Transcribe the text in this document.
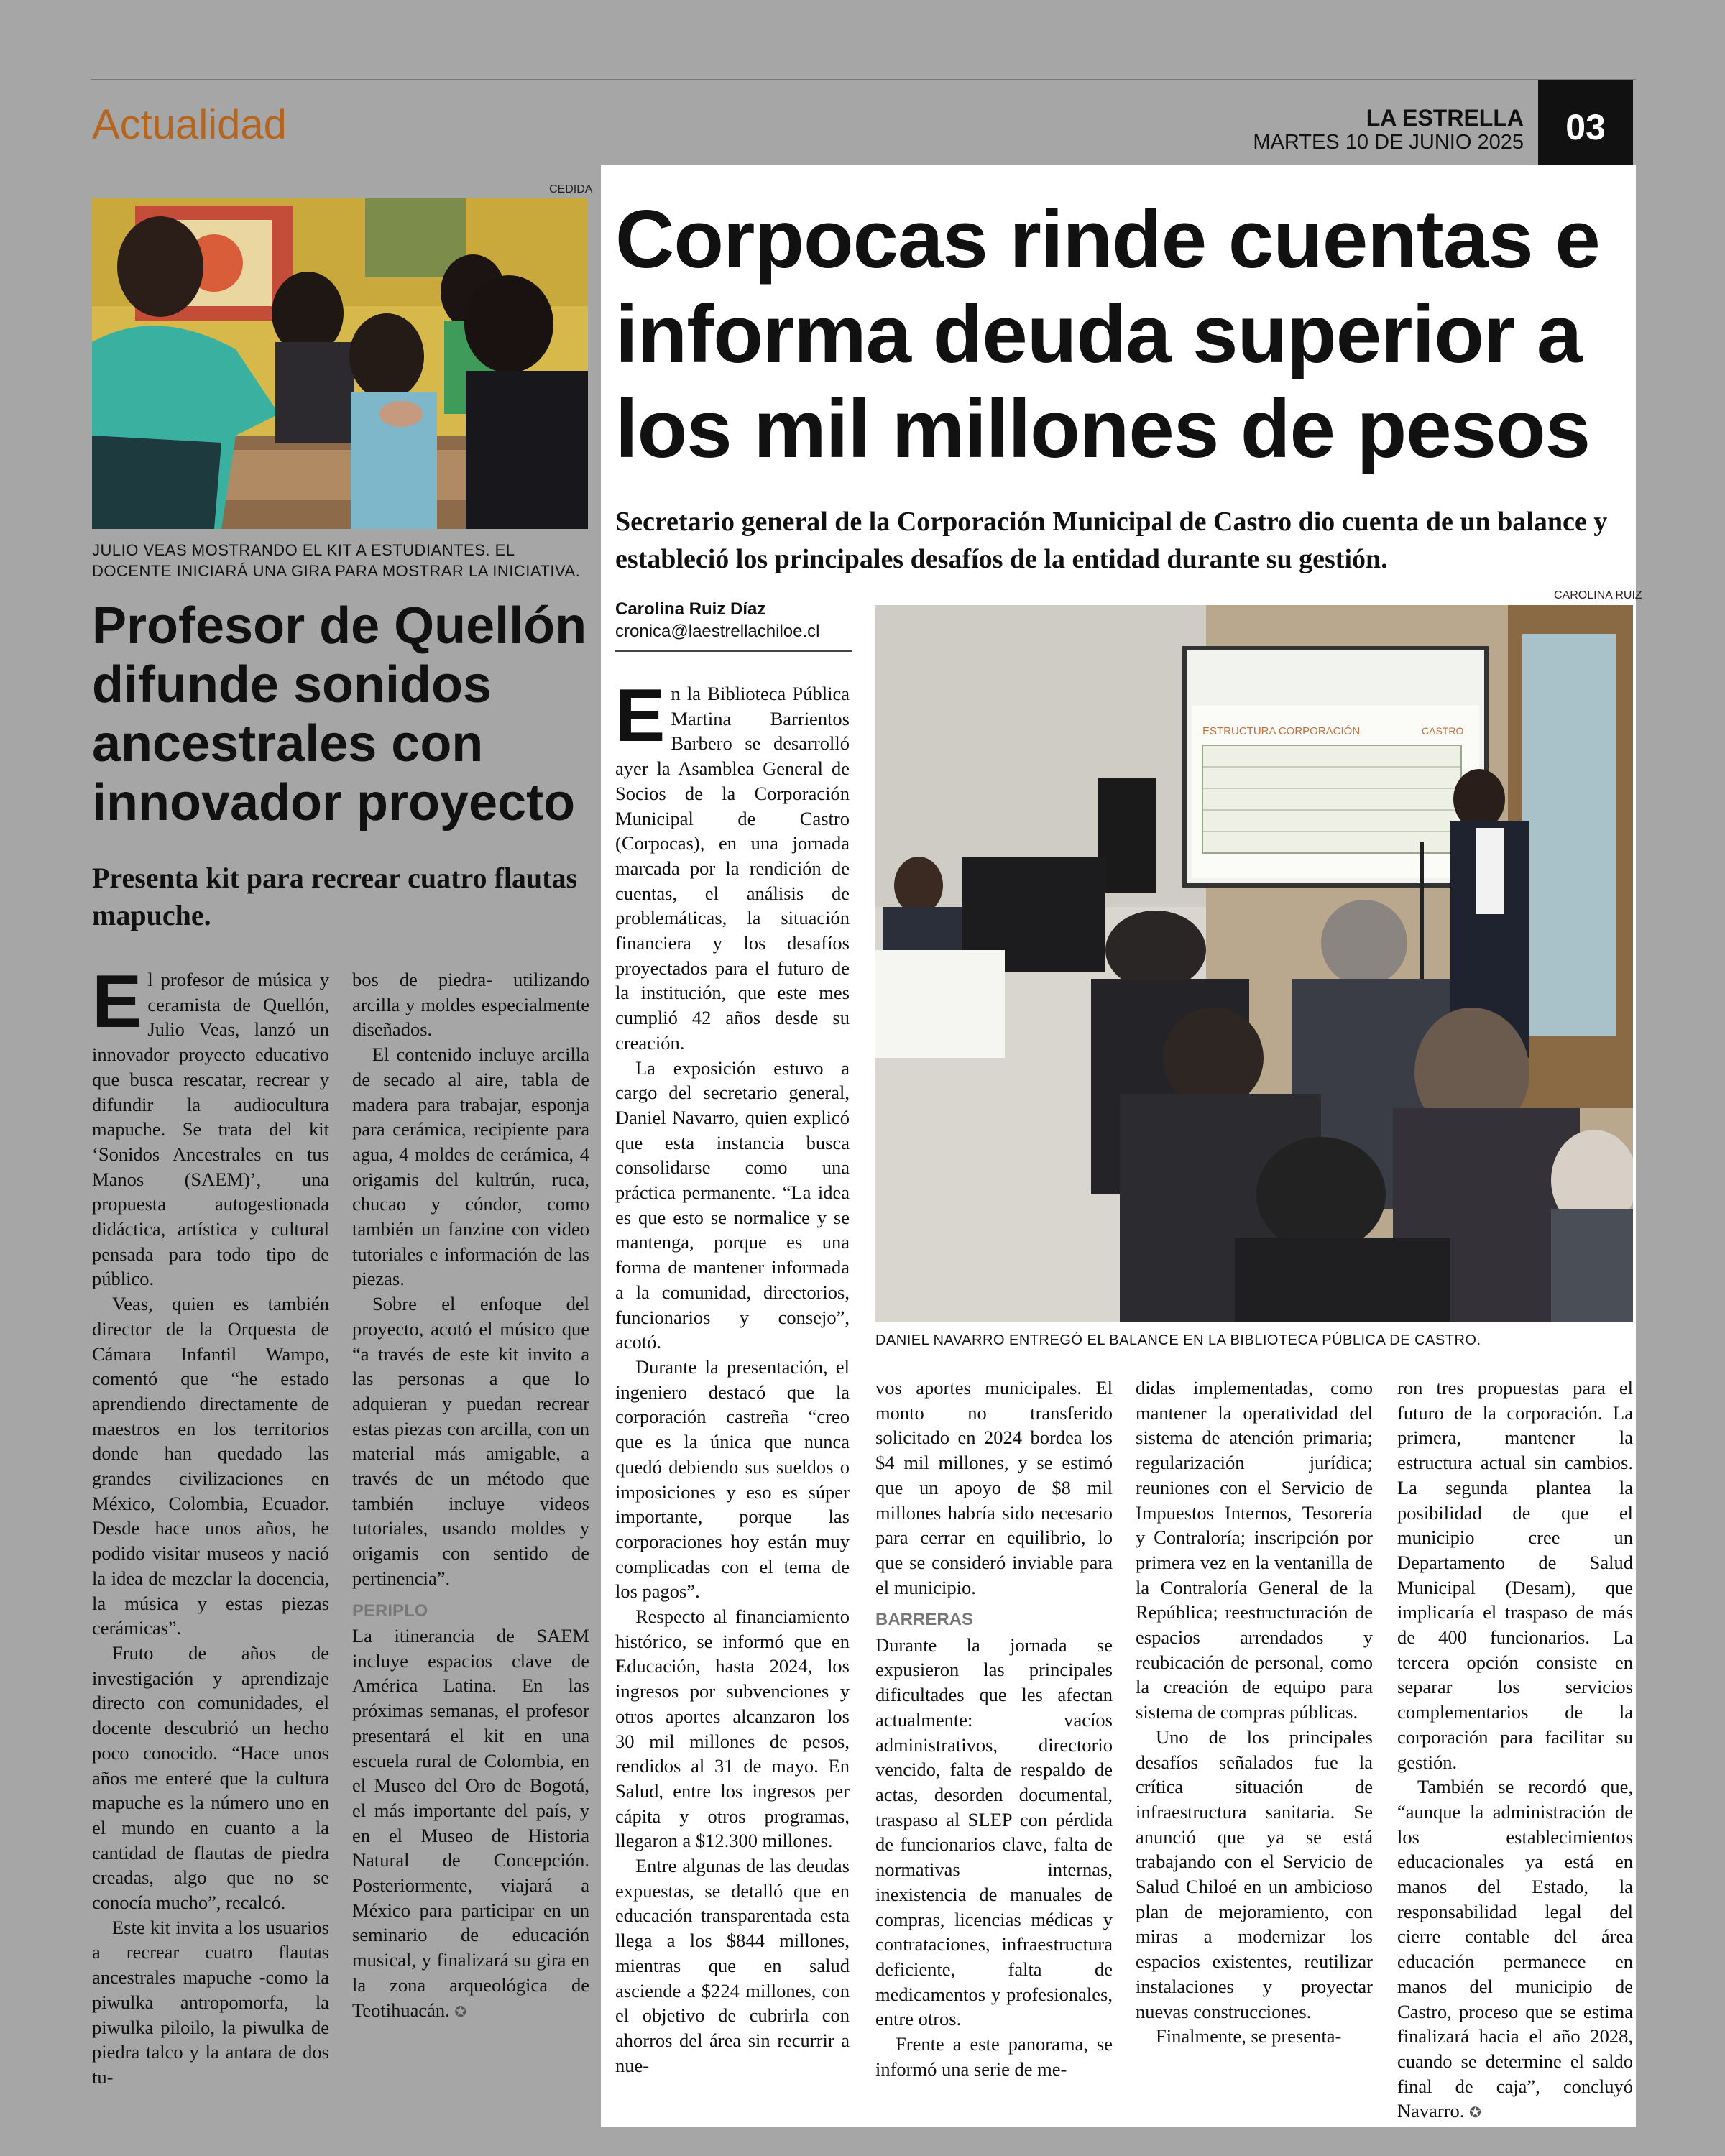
Actualidad	LA ESTRELLA
MARTES 10 DE JUNIO 2025	03
CEDIDA
JULIO VEAS MOSTRANDO EL KIT A ESTUDIANTES. EL DOCENTE INICIARÁ UNA GIRA PARA MOSTRAR LA INICIATIVA.
Profesor de Quellón difunde sonidos ancestrales con innovador proyecto
Presenta kit para recrear cuatro flautas mapuche.

El profesor de música y ceramista de Quellón, Julio Veas, lanzó un innovador proyecto educativo que busca rescatar, recrear y difundir la audiocultura mapuche. Se trata del kit ‘Sonidos Ancestrales en tus Manos (SAEM)’, una propuesta autogestionada didáctica, artística y cultural pensada para todo tipo de público.

Veas, quien es también director de la Orquesta de Cámara Infantil Wampo, comentó que “he estado aprendiendo directamente de maestros en los territorios donde han quedado las grandes civilizaciones en México, Colombia, Ecuador. Desde hace unos años, he podido visitar museos y nació la idea de mezclar la docencia, la música y estas piezas cerámicas”.

Fruto de años de investigación y aprendizaje directo con comunidades, el docente descubrió un hecho poco conocido. “Hace unos años me enteré que la cultura mapuche es la número uno en el mundo en cuanto a la cantidad de flautas de piedra creadas, algo que no se conocía mucho”, recalcó.

Este kit invita a los usuarios a recrear cuatro flautas ancestrales mapuche -como la piwulka antropomorfa, la piwulka piloilo, la piwulka de piedra talco y la antara de dos tu-

bos de piedra- utilizando arcilla y moldes especialmente diseñados.

El contenido incluye arcilla de secado al aire, tabla de madera para trabajar, esponja para cerámica, recipiente para agua, 4 moldes de cerámica, 4 origamis del kultrún, ruca, chucao y cóndor, como también un fanzine con video tutoriales e información de las piezas.

Sobre el enfoque del proyecto, acotó el músico que “a través de este kit invito a las personas a que lo adquieran y puedan recrear estas piezas con arcilla, con un material más amigable, a través de un método que también incluye videos tutoriales, usando moldes y origamis con sentido de pertinencia”.

PERIPLO

La itinerancia de SAEM incluye espacios clave de América Latina. En las próximas semanas, el profesor presentará el kit en una escuela rural de Colombia, en el Museo del Oro de Bogotá, el más importante del país, y en el Museo de Historia Natural de Concepción. Posteriormente, viajará a México para participar en un seminario de educación musical, y finalizará su gira en la zona arqueológica de Teotihuacán. ✪

Corpocas rinde cuentas e informa deuda superior a los mil millones de pesos
Secretario general de la Corporación Municipal de Castro dio cuenta de un balance y estableció los principales desafíos de la entidad durante su gestión.
Carolina Ruiz Díaz
cronica@laestrellachiloe.cl
CAROLINA RUIZ
ESTRUCTURA CORPORACIÓN	CASTRO
DANIEL NAVARRO ENTREGÓ EL BALANCE EN LA BIBLIOTECA PÚBLICA DE CASTRO.

En la Biblioteca Pública Martina Barrientos Barbero se desarrolló ayer la Asamblea General de Socios de la Corporación Municipal de Castro (Corpocas), en una jornada marcada por la rendición de cuentas, el análisis de problemáticas, la situación financiera y los desafíos proyectados para el futuro de la institución, que este mes cumplió 42 años desde su creación.

La exposición estuvo a cargo del secretario general, Daniel Navarro, quien explicó que esta instancia busca consolidarse como una práctica permanente. “La idea es que esto se normalice y se mantenga, porque es una forma de mantener informada a la comunidad, directorios, funcionarios y consejo”, acotó.

Durante la presentación, el ingeniero destacó que la corporación castreña “creo que es la única que nunca quedó debiendo sus sueldos o imposiciones y eso es súper importante, porque las corporaciones hoy están muy complicadas con el tema de los pagos”.

Respecto al financiamiento histórico, se informó que en Educación, hasta 2024, los ingresos por subvenciones y otros aportes alcanzaron los 30 mil millones de pesos, rendidos al 31 de mayo. En Salud, entre los ingresos per cápita y otros programas, llegaron a $12.300 millones.

Entre algunas de las deudas expuestas, se detalló que en educación transparentada esta llega a los $844 millones, mientras que en salud asciende a $224 millones, con el objetivo de cubrirla con ahorros del área sin recurrir a nue-

vos aportes municipales. El monto no transferido solicitado en 2024 bordea los $4 mil millones, y se estimó que un apoyo de $8 mil millones habría sido necesario para cerrar en equilibrio, lo que se consideró inviable para el municipio.

BARRERAS

Durante la jornada se expusieron las principales dificultades que les afectan actualmente: vacíos administrativos, directorio vencido, falta de respaldo de actas, desorden documental, traspaso al SLEP con pérdida de funcionarios clave, falta de normativas internas, inexistencia de manuales de compras, licencias médicas y contrataciones, infraestructura deficiente, falta de medicamentos y profesionales, entre otros.

Frente a este panorama, se informó una serie de me-

didas implementadas, como mantener la operatividad del sistema de atención primaria; regularización jurídica; reuniones con el Servicio de Impuestos Internos, Tesorería y Contraloría; inscripción por primera vez en la ventanilla de la Contraloría General de la República; reestructuración de espacios arrendados y reubicación de personal, como la creación de equipo para sistema de compras públicas.

Uno de los principales desafíos señalados fue la crítica situación de infraestructura sanitaria. Se anunció que ya se está trabajando con el Servicio de Salud Chiloé en un ambicioso plan de mejoramiento, con miras a modernizar los espacios existentes, reutilizar instalaciones y proyectar nuevas construcciones.

Finalmente, se presenta-

ron tres propuestas para el futuro de la corporación. La primera, mantener la estructura actual sin cambios. La segunda plantea la posibilidad de que el municipio cree un Departamento de Salud Municipal (Desam), que implicaría el traspaso de más de 400 funcionarios. La tercera opción consiste en separar los servicios complementarios de la corporación para facilitar su gestión.

También se recordó que, “aunque la administración de los establecimientos educacionales ya está en manos del Estado, la responsabilidad legal del cierre contable del área educación permanece en manos del municipio de Castro, proceso que se estima finalizará hacia el año 2028, cuando se determine el saldo final de caja”, concluyó Navarro. ✪
